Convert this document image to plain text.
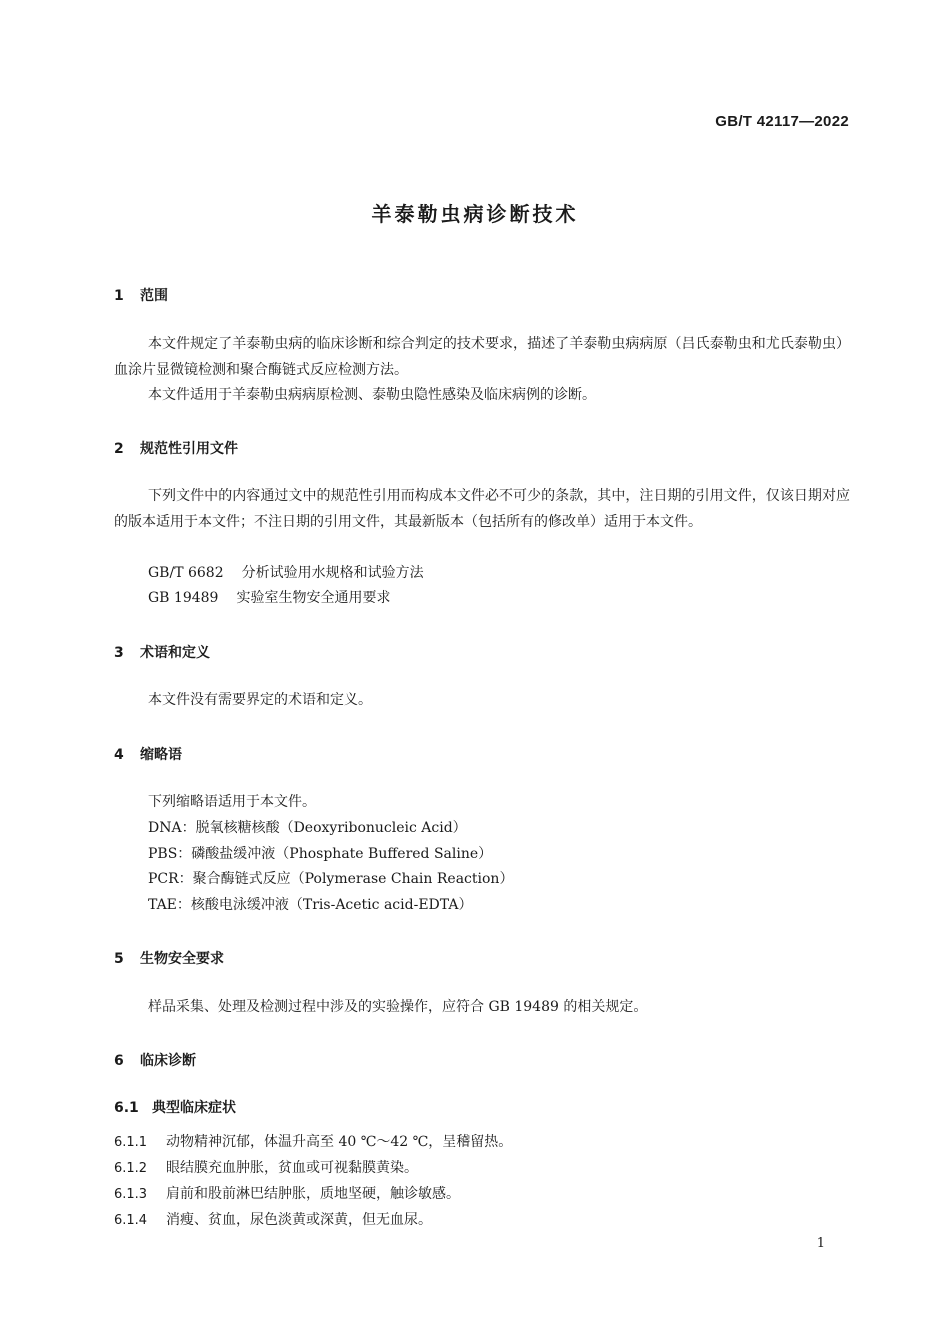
GB/T 42117—2022
羊泰勒虫病诊断技术
1 范围

本文件规定了羊泰勒虫病的临床诊断和综合判定的技术要求，描述了羊泰勒虫病病原（吕氏泰勒虫和尤氏泰勒虫）血涂片显微镜检测和聚合酶链式反应检测方法。

本文件适用于羊泰勒虫病病原检测、泰勒虫隐性感染及临床病例的诊断。

2 规范性引用文件

下列文件中的内容通过文中的规范性引用而构成本文件必不可少的条款，其中，注日期的引用文件，仅该日期对应的版本适用于本文件；不注日期的引用文件，其最新版本（包括所有的修改单）适用于本文件。

GB/T 6682 分析试验用水规格和试验方法
GB 19489 实验室生物安全通用要求
3 术语和定义

本文件没有需要界定的术语和定义。

4 缩略语
下列缩略语适用于本文件。
DNA：脱氧核糖核酸（Deoxyribonucleic Acid）
PBS：磷酸盐缓冲液（Phosphate Buffered Saline）
PCR：聚合酶链式反应（Polymerase Chain Reaction）
TAE：核酸电泳缓冲液（Tris-Acetic acid-EDTA）
5 生物安全要求

样品采集、处理及检测过程中涉及的实验操作，应符合 GB 19489 的相关规定。

6 临床诊断
6.1 典型临床症状
6.1.1 动物精神沉郁，体温升高至 40 ℃～42 ℃，呈稽留热。
6.1.2 眼结膜充血肿胀，贫血或可视黏膜黄染。
6.1.3 肩前和股前淋巴结肿胀，质地坚硬，触诊敏感。
6.1.4 消瘦、贫血，尿色淡黄或深黄，但无血尿。
1
